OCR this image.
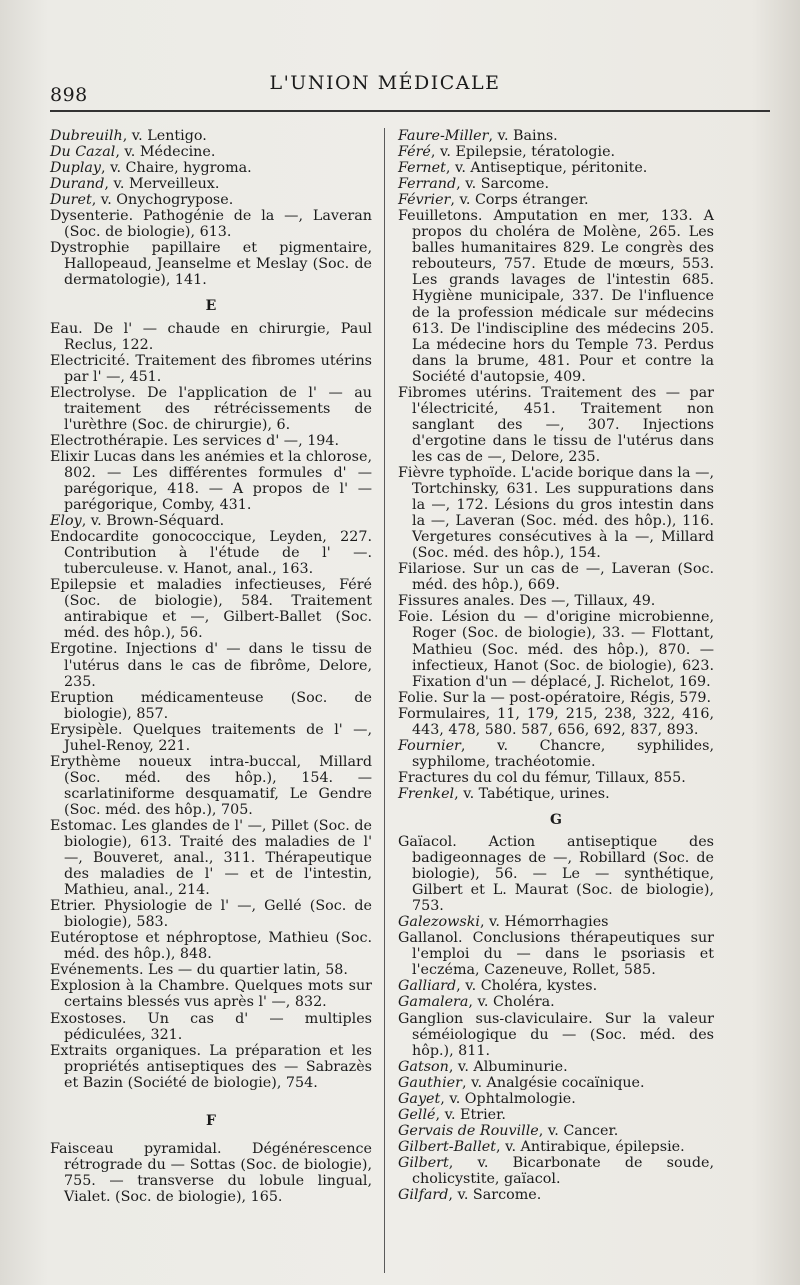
898
L'UNION MÉDICALE
Dubreuilh, v. Lentigo.
Du Cazal, v. Médecine.
Duplay, v. Chaire, hygroma.
Durand, v. Merveilleux.
Duret, v. Onychogrypose.
Dysenterie. Pathogénie de la —, Laveran (Soc. de biologie), 613.
Dystrophie papillaire et pigmentaire, Hallopeaud, Jeanselme et Meslay (Soc. de dermatologie), 141.
E
Eau. De l' — chaude en chirurgie, Paul Reclus, 122.
Electricité. Traitement des fibromes utérins par l' —, 451.
Electrolyse. De l'application de l' — au traitement des rétrécissements de l'urèthre (Soc. de chirurgie), 6.
Electrothérapie. Les services d' —, 194.
Elixir Lucas dans les anémies et la chlorose, 802. — Les différentes formules d' — parégorique, 418. — A propos de l' — parégorique, Comby, 431.
Eloy, v. Brown-Séquard.
Endocardite gonococcique, Leyden, 227. Contribution à l'étude de l' —. tuberculeuse. v. Hanot, anal., 163.
Epilepsie et maladies infectieuses, Féré (Soc. de biologie), 584. Traitement antirabique et —, Gilbert-Ballet (Soc. méd. des hôp.), 56.
Ergotine. Injections d' — dans le tissu de l'utérus dans le cas de fibrôme, Delore, 235.
Eruption médicamenteuse (Soc. de biologie), 857.
Erysipèle. Quelques traitements de l' —, Juhel-Renoy, 221.
Erythème noueux intra-buccal, Millard (Soc. méd. des hôp.), 154. — scarlatiniforme desquamatif, Le Gendre (Soc. méd. des hôp.), 705.
Estomac. Les glandes de l' —, Pillet (Soc. de biologie), 613. Traité des maladies de l' —, Bouveret, anal., 311. Thérapeutique des maladies de l' — et de l'intestin, Mathieu, anal., 214.
Etrier. Physiologie de l' —, Gellé (Soc. de biologie), 583.
Eutéroptose et néphroptose, Mathieu (Soc. méd. des hôp.), 848.
Evénements. Les — du quartier latin, 58.
Explosion à la Chambre. Quelques mots sur certains blessés vus après l' —, 832.
Exostoses. Un cas d' — multiples pédiculées, 321.
Extraits organiques. La préparation et les propriétés antiseptiques des — Sabrazès et Bazin (Société de biologie), 754.
F
Faisceau pyramidal. Dégénérescence rétrograde du — Sottas (Soc. de biologie), 755. — transverse du lobule lingual, Vialet. (Soc. de biologie), 165.
Faure-Miller, v. Bains.
Féré, v. Epilepsie, tératologie.
Fernet, v. Antiseptique, péritonite.
Ferrand, v. Sarcome.
Février, v. Corps étranger.
Feuilletons. Amputation en mer, 133. A propos du choléra de Molène, 265. Les balles humanitaires 829. Le congrès des rebouteurs, 757. Etude de mœurs, 553. Les grands lavages de l'intestin 685. Hygiène municipale, 337. De l'influence de la profession médicale sur médecins 613. De l'indiscipline des médecins 205. La médecine hors du Temple 73. Perdus dans la brume, 481. Pour et contre la Société d'autopsie, 409.
Fibromes utérins. Traitement des — par l'électricité, 451. Traitement non sanglant des —, 307. Injections d'ergotine dans le tissu de l'utérus dans les cas de —, Delore, 235.
Fièvre typhoïde. L'acide borique dans la —, Tortchinsky, 631. Les suppurations dans la —, 172. Lésions du gros intestin dans la —, Laveran (Soc. méd. des hôp.), 116. Vergetures consécutives à la —, Millard (Soc. méd. des hôp.), 154.
Filariose. Sur un cas de —, Laveran (Soc. méd. des hôp.), 669.
Fissures anales. Des —, Tillaux, 49.
Foie. Lésion du — d'origine microbienne, Roger (Soc. de biologie), 33. — Flottant, Mathieu (Soc. méd. des hôp.), 870. — infectieux, Hanot (Soc. de biologie), 623. Fixation d'un — déplacé, J. Richelot, 169.
Folie. Sur la — post-opératoire, Régis, 579.
Formulaires, 11, 179, 215, 238, 322, 416, 443, 478, 580. 587, 656, 692, 837, 893.
Fournier, v. Chancre, syphilides, syphilome, trachéotomie.
Fractures du col du fémur, Tillaux, 855.
Frenkel, v. Tabétique, urines.
G
Gaïacol. Action antiseptique des badigeonnages de —, Robillard (Soc. de biologie), 56. — Le — synthétique, Gilbert et L. Maurat (Soc. de biologie), 753.
Galezowski, v. Hémorrhagies
Gallanol. Conclusions thérapeutiques sur l'emploi du — dans le psoriasis et l'eczéma, Cazeneuve, Rollet, 585.
Galliard, v. Choléra, kystes.
Gamalera, v. Choléra.
Ganglion sus-claviculaire. Sur la valeur séméiologique du — (Soc. méd. des hôp.), 811.
Gatson, v. Albuminurie.
Gauthier, v. Analgésie cocaïnique.
Gayet, v. Ophtalmologie.
Gellé, v. Etrier.
Gervais de Rouville, v. Cancer.
Gilbert-Ballet, v. Antirabique, épilepsie.
Gilbert, v. Bicarbonate de soude, cholicystite, gaïacol.
Gilfard, v. Sarcome.
